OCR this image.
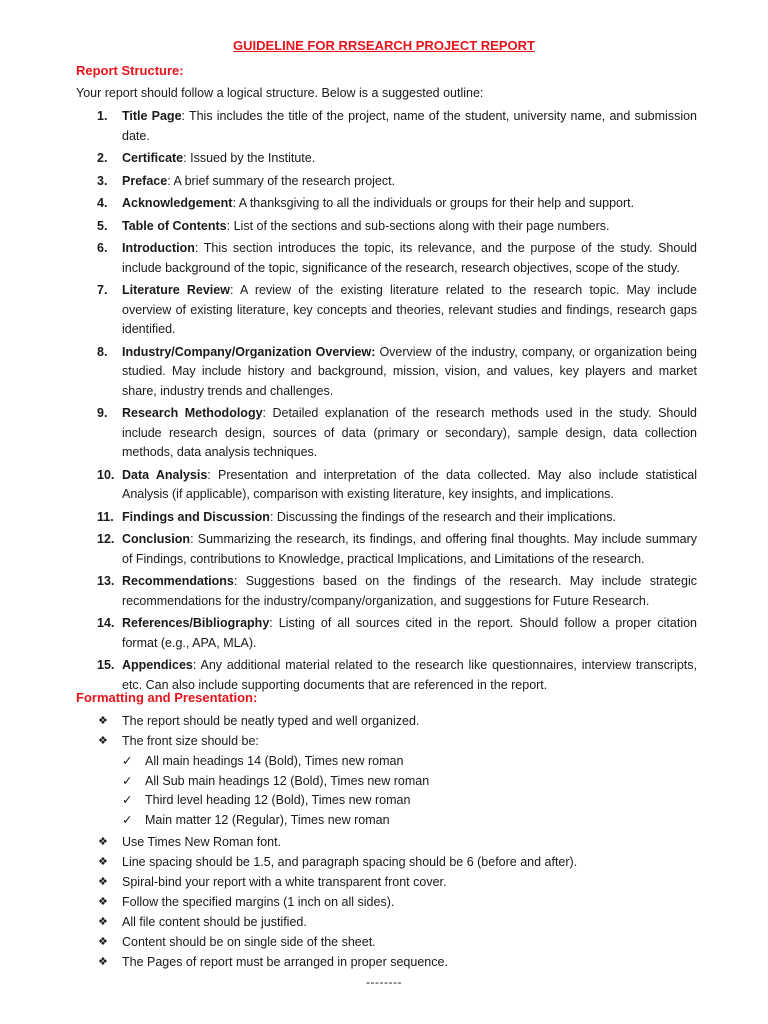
GUIDELINE FOR RRSEARCH PROJECT REPORT
Report Structure:
Your report should follow a logical structure. Below is a suggested outline:
1. Title Page: This includes the title of the project, name of the student, university name, and submission date.
2. Certificate: Issued by the Institute.
3. Preface: A brief summary of the research project.
4. Acknowledgement: A thanksgiving to all the individuals or groups for their help and support.
5. Table of Contents: List of the sections and sub-sections along with their page numbers.
6. Introduction: This section introduces the topic, its relevance, and the purpose of the study. Should include background of the topic, significance of the research, research objectives, scope of the study.
7. Literature Review: A review of the existing literature related to the research topic. May include overview of existing literature, key concepts and theories, relevant studies and findings, research gaps identified.
8. Industry/Company/Organization Overview: Overview of the industry, company, or organization being studied. May include history and background, mission, vision, and values, key players and market share, industry trends and challenges.
9. Research Methodology: Detailed explanation of the research methods used in the study. Should include research design, sources of data (primary or secondary), sample design, data collection methods, data analysis techniques.
10. Data Analysis: Presentation and interpretation of the data collected. May also include statistical Analysis (if applicable), comparison with existing literature, key insights, and implications.
11. Findings and Discussion: Discussing the findings of the research and their implications.
12. Conclusion: Summarizing the research, its findings, and offering final thoughts. May include summary of Findings, contributions to Knowledge, practical Implications, and Limitations of the research.
13. Recommendations: Suggestions based on the findings of the research. May include strategic recommendations for the industry/company/organization, and suggestions for Future Research.
14. References/Bibliography: Listing of all sources cited in the report. Should follow a proper citation format (e.g., APA, MLA).
15. Appendices: Any additional material related to the research like questionnaires, interview transcripts, etc. Can also include supporting documents that are referenced in the report.
Formatting and Presentation:
❖ The report should be neatly typed and well organized.
❖ The front size should be:
✓ All main headings 14 (Bold), Times new roman
✓ All Sub main headings 12 (Bold), Times new roman
✓ Third level heading 12 (Bold), Times new roman
✓ Main matter 12 (Regular), Times new roman
❖ Use Times New Roman font.
❖ Line spacing should be 1.5, and paragraph spacing should be 6 (before and after).
❖ Spiral-bind your report with a white transparent front cover.
❖ Follow the specified margins (1 inch on all sides).
❖ All file content should be justified.
❖ Content should be on single side of the sheet.
❖ The Pages of report must be arranged in proper sequence.
--------
